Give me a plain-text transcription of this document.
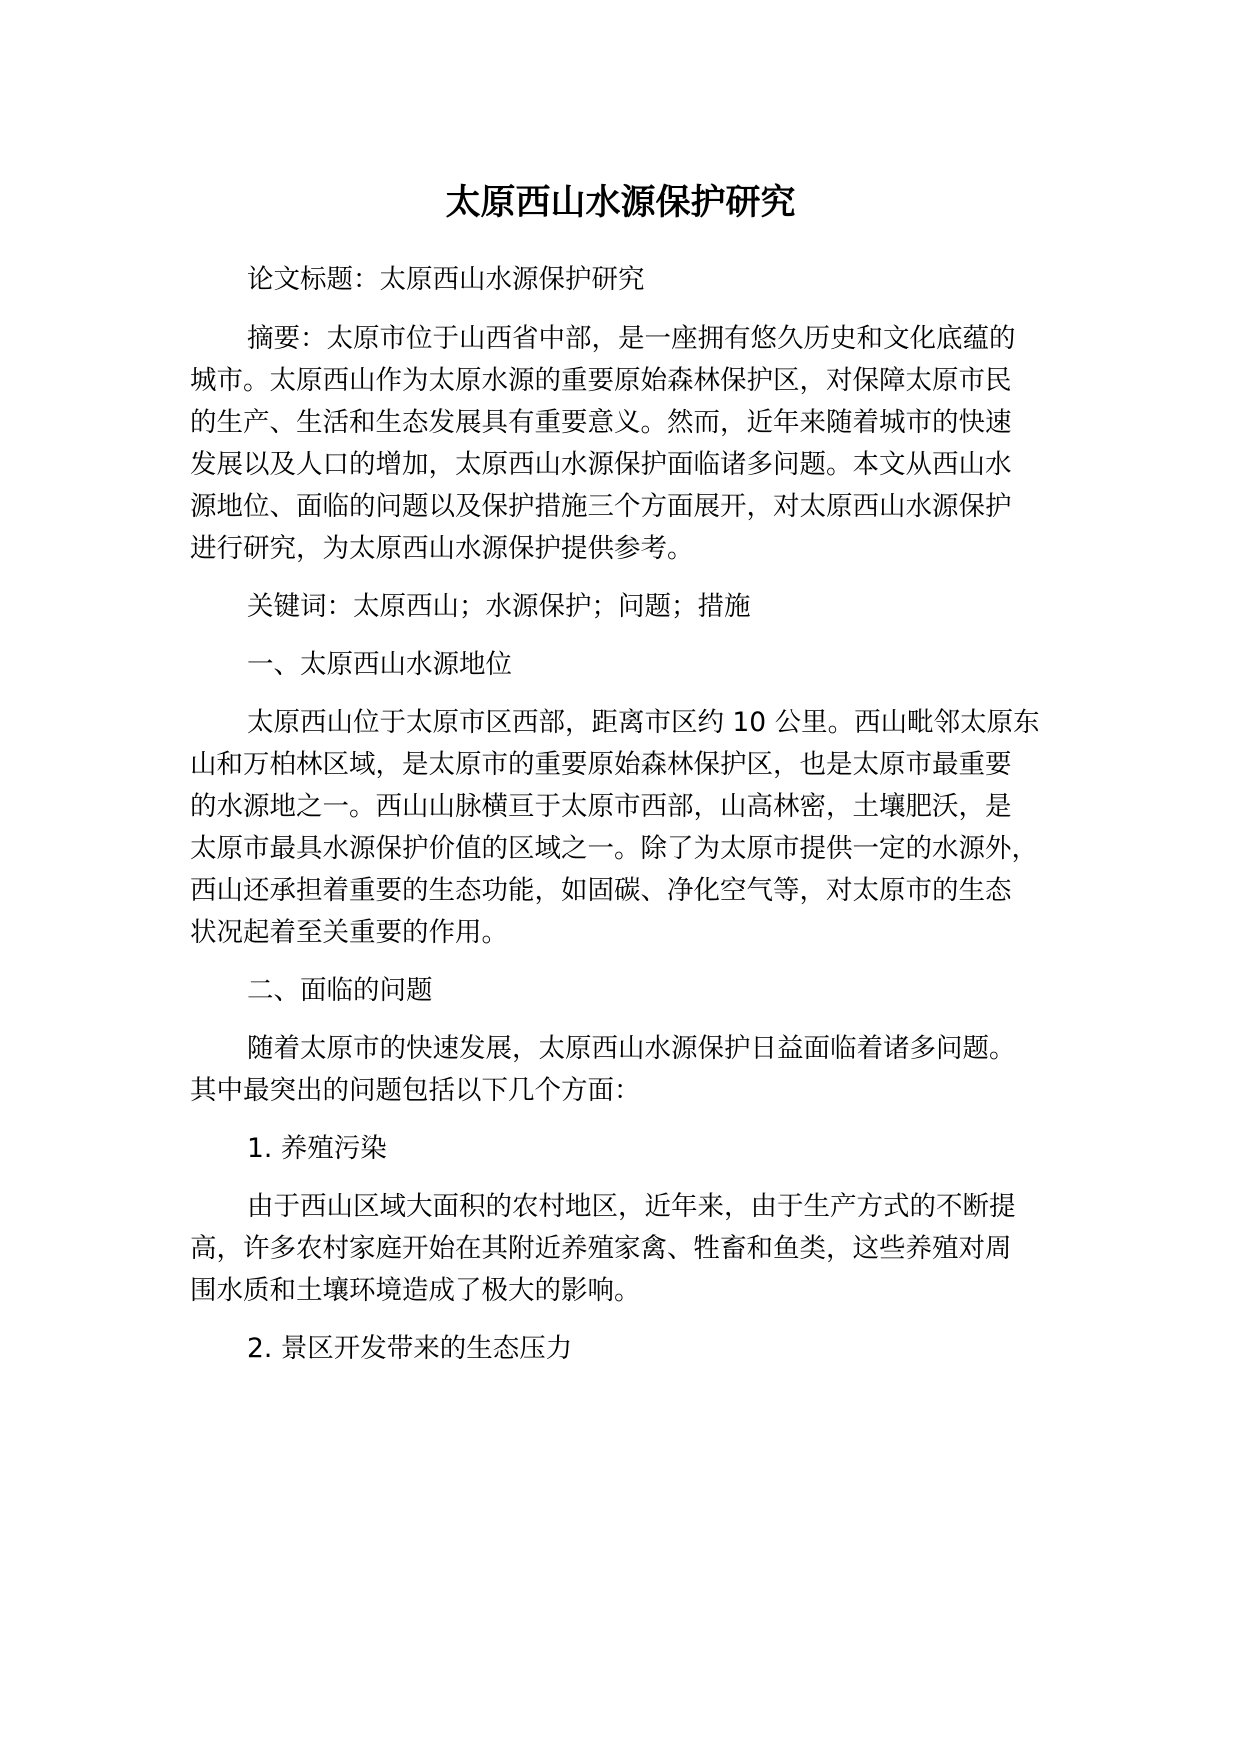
太原西山水源保护研究
论文标题：太原西山水源保护研究
摘要：太原市位于山西省中部，是一座拥有悠久历史和文化底蕴的
城市。太原西山作为太原水源的重要原始森林保护区，对保障太原市民
的生产、生活和生态发展具有重要意义。然而，近年来随着城市的快速
发展以及人口的增加，太原西山水源保护面临诸多问题。本文从西山水
源地位、面临的问题以及保护措施三个方面展开，对太原西山水源保护
进行研究，为太原西山水源保护提供参考。
关键词：太原西山；水源保护；问题；措施
一、太原西山水源地位
太原西山位于太原市区西部，距离市区约 10 公里。西山毗邻太原东
山和万柏林区域，是太原市的重要原始森林保护区，也是太原市最重要
的水源地之一。西山山脉横亘于太原市西部，山高林密，土壤肥沃，是
太原市最具水源保护价值的区域之一。除了为太原市提供一定的水源外，
西山还承担着重要的生态功能，如固碳、净化空气等，对太原市的生态
状况起着至关重要的作用。
二、面临的问题
随着太原市的快速发展，太原西山水源保护日益面临着诸多问题。
其中最突出的问题包括以下几个方面：
1. 养殖污染
由于西山区域大面积的农村地区，近年来，由于生产方式的不断提
高，许多农村家庭开始在其附近养殖家禽、牲畜和鱼类，这些养殖对周
围水质和土壤环境造成了极大的影响。
2. 景区开发带来的生态压力
